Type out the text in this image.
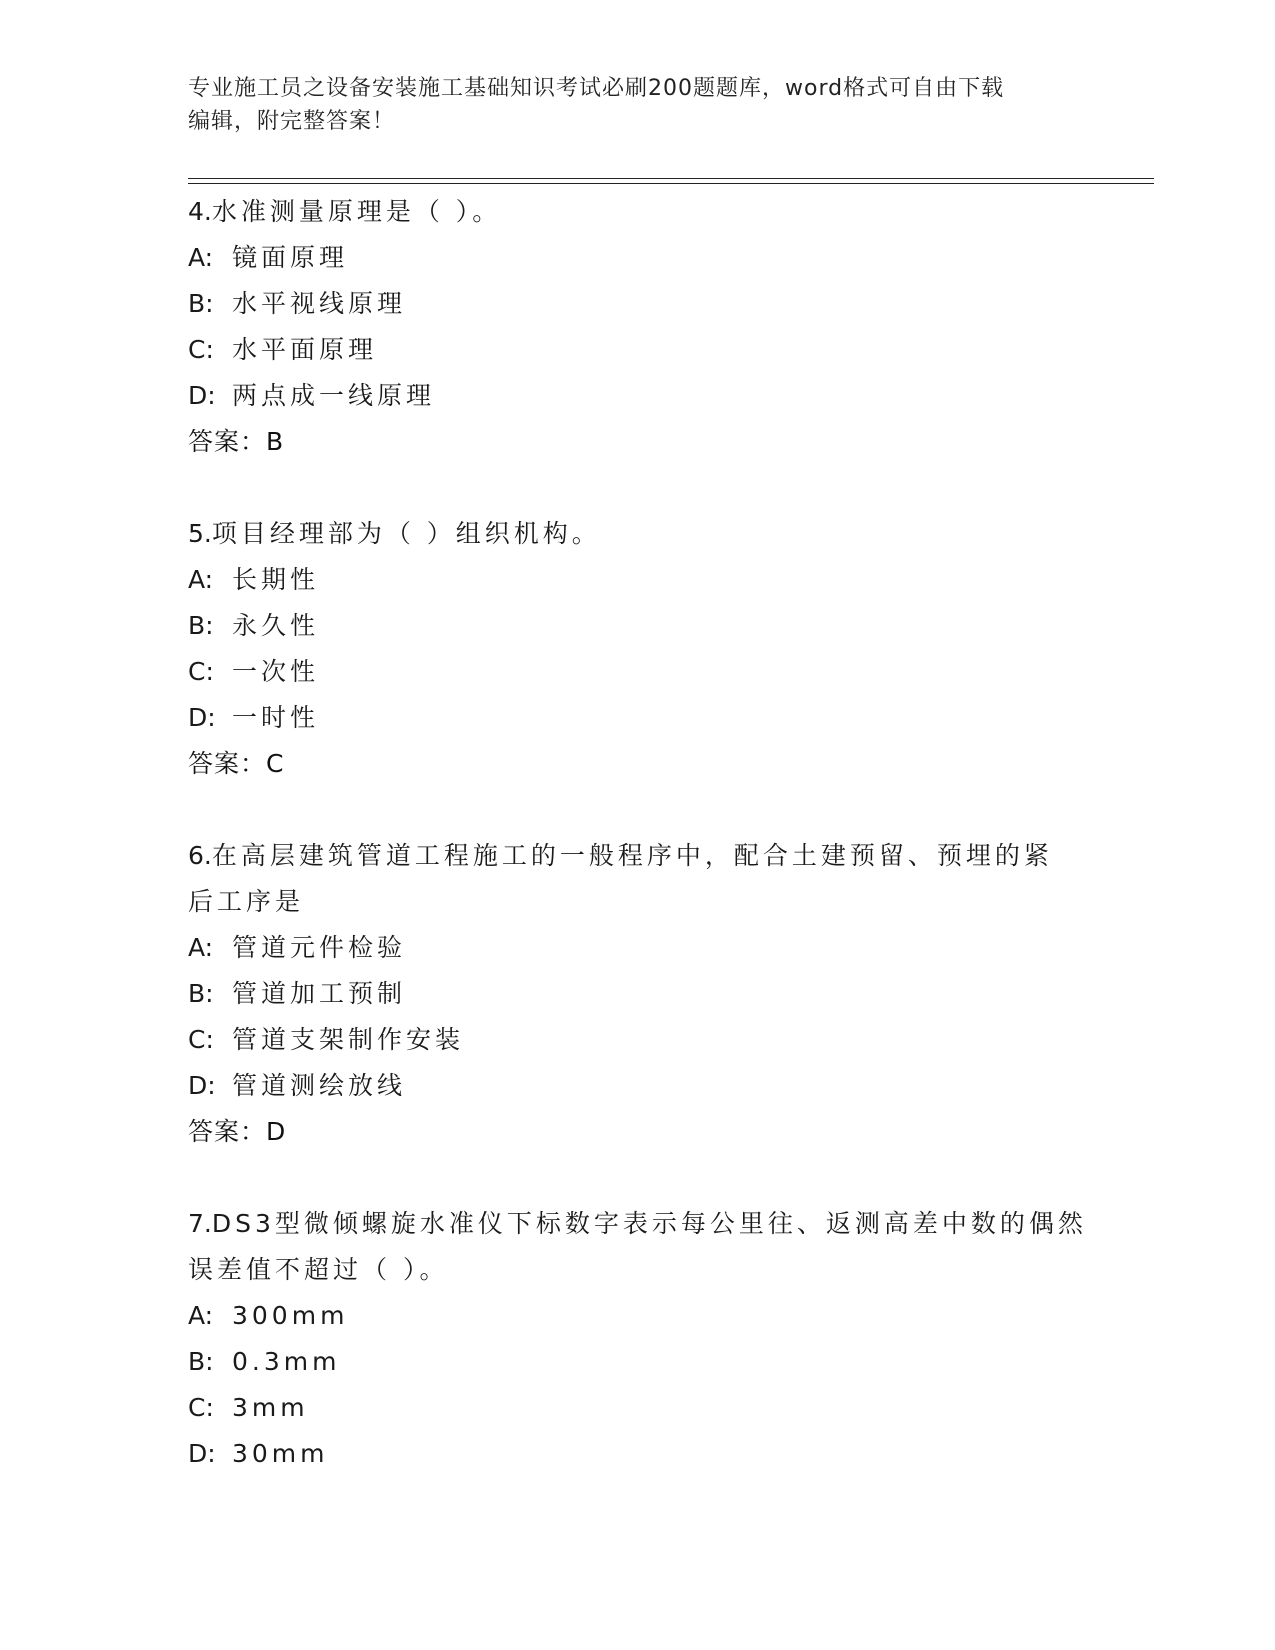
专业施工员之设备安装施工基础知识考试必刷200题题库，word格式可自由下载
编辑，附完整答案！
4.水准测量原理是（ ）。
A: 镜面原理
B: 水平视线原理
C: 水平面原理
D: 两点成一线原理
答案：B
5.项目经理部为（ ）组织机构。
A: 长期性
B: 永久性
C: 一次性
D: 一时性
答案：C
6.在高层建筑管道工程施工的一般程序中，配合土建预留、预埋的紧
后工序是
A: 管道元件检验
B: 管道加工预制
C: 管道支架制作安装
D: 管道测绘放线
答案：D
7.DS3型微倾螺旋水准仪下标数字表示每公里往、返测高差中数的偶然
误差值不超过（ ）。
A: 300mm
B: 0.3mm
C: 3mm
D: 30mm
